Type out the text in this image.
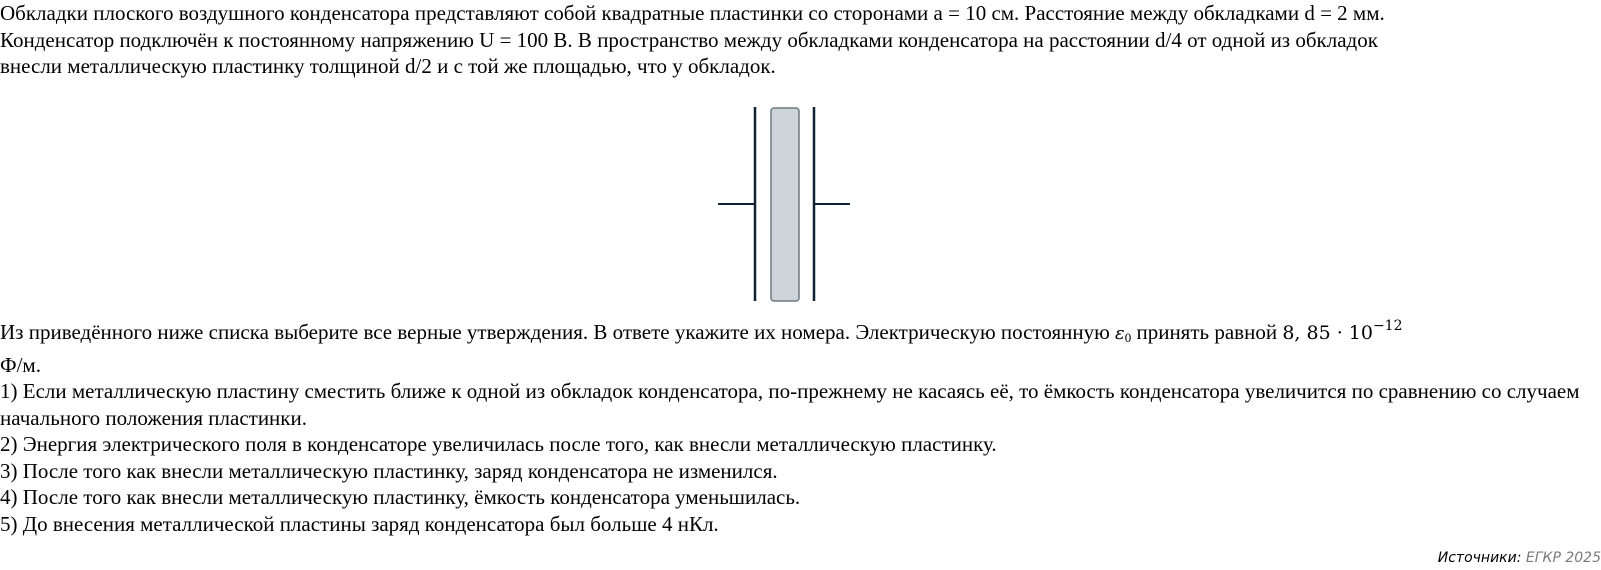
Обкладки плоского воздушного конденсатора представляют собой квадратные пластинки со сторонами a = 10 см. Расстояние между обкладками d = 2 мм.

Конденсатор подключён к постоянному напряжению U = 100 В. В пространство между обкладками конденсатора на расстоянии d/4 от одной из обкладок

внесли металлическую пластинку толщиной d/2 и с той же площадью, что у обкладок.

Из приведённого ниже списка выберите все верные утверждения. В ответе укажите их номера. Электрическую постоянную $\varepsilon_0$ принять равной 8, $85 \cdot 10^{-12}$
Ф/м.

1) Если металлическую пластину сместить ближе к одной из обкладок конденсатора, по-прежнему не касаясь её, то ёмкость конденсатора увеличится по сравнению со случаем начального положения пластинки.

2) Энергия электрического поля в конденсаторе увеличилась после того, как внесли металлическую пластинку.

3) После того как внесли металлическую пластинку, заряд конденсатора не изменился.

4) После того как внесли металлическую пластинку, ёмкость конденсатора уменьшилась.

5) До внесения металлической пластины заряд конденсатора был больше 4 нКл.

Источники: ЕГКР 2025
